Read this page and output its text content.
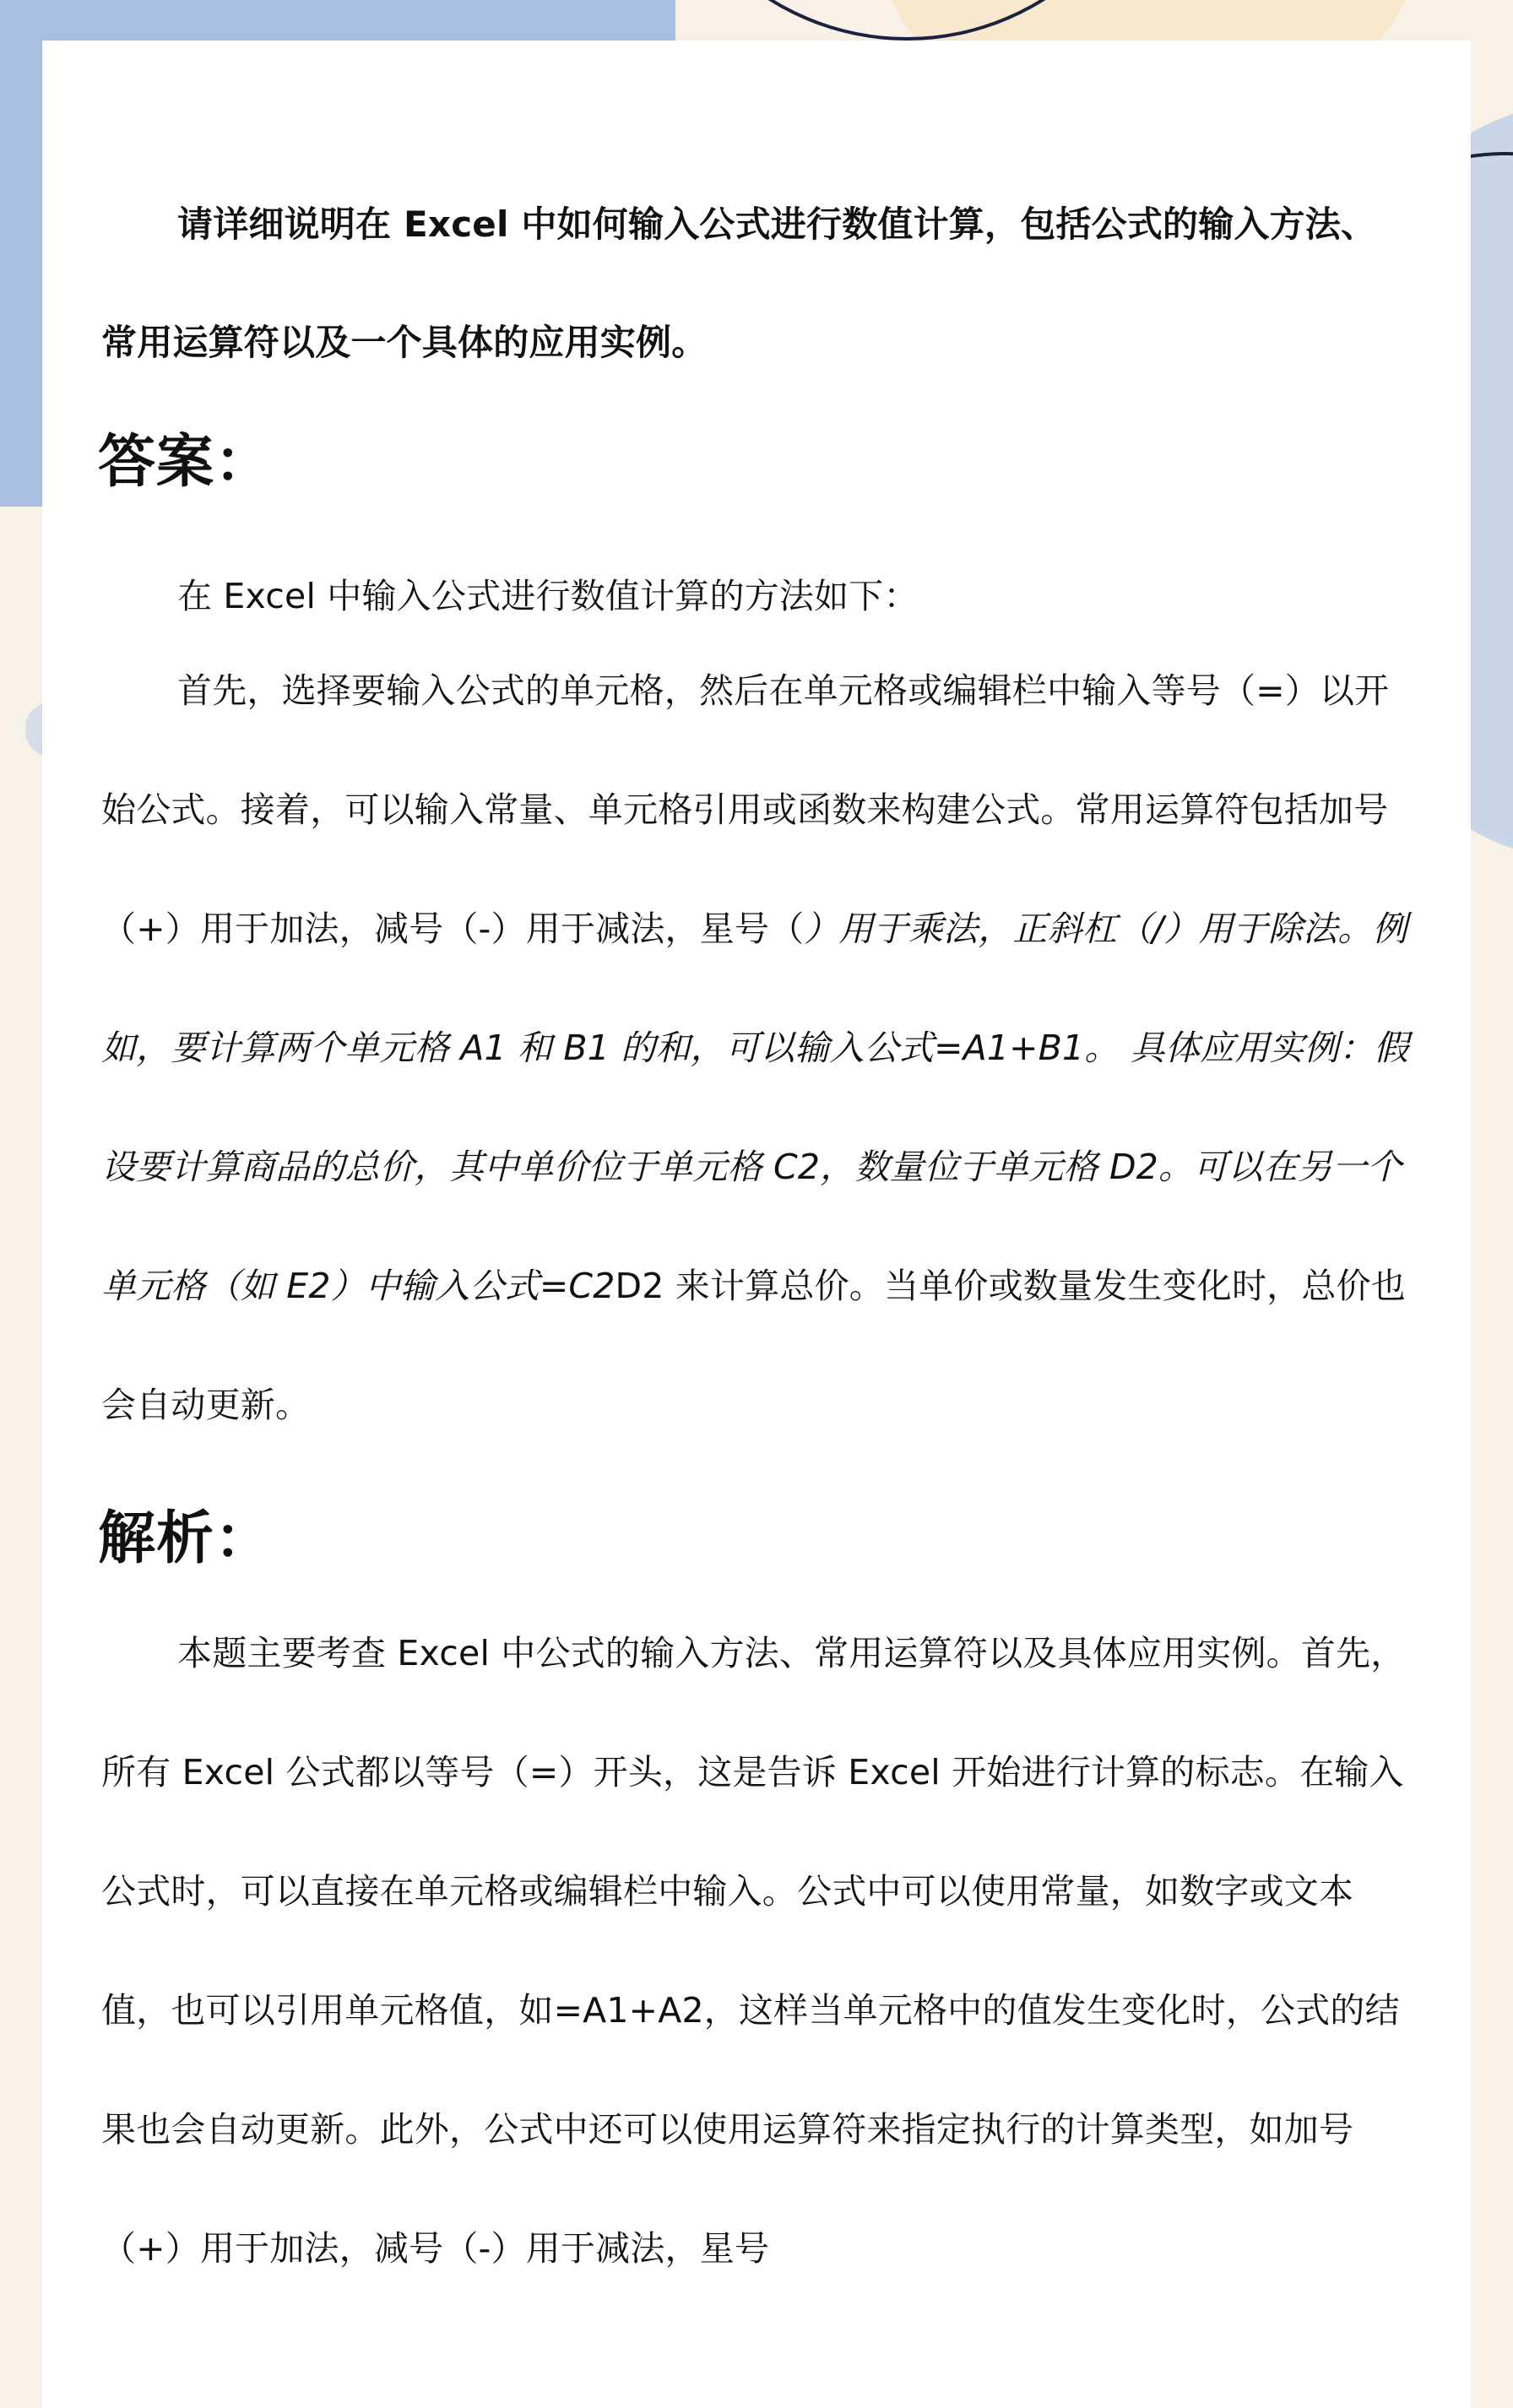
请详细说明在 Excel 中如何输入公式进行数值计算，包括公式的输入方法、常用运算符以及一个具体的应用实例。
答案：
在 Excel 中输入公式进行数值计算的方法如下：
首先，选择要输入公式的单元格，然后在单元格或编辑栏中输入等号（=）以开始公式。接着，可以输入常量、单元格引用或函数来构建公式。常用运算符包括加号（+）用于加法，减号（-）用于减法，星号（）用于乘法，正斜杠（/）用于除法。例如，要计算两个单元格 A1 和 B1 的和，可以输入公式=A1+B1。 具体应用实例：假设要计算商品的总价，其中单价位于单元格 C2，数量位于单元格 D2。可以在另一个单元格（如 E2）中输入公式=C2D2 来计算总价。当单价或数量发生变化时，总价也会自动更新。
解析：
本题主要考查 Excel 中公式的输入方法、常用运算符以及具体应用实例。首先，所有 Excel 公式都以等号（=）开头，这是告诉 Excel 开始进行计算的标志。在输入公式时，可以直接在单元格或编辑栏中输入。公式中可以使用常量，如数字或文本值，也可以引用单元格值，如=A1+A2，这样当单元格中的值发生变化时，公式的结果也会自动更新。此外，公式中还可以使用运算符来指定执行的计算类型，如加号（+）用于加法，减号（-）用于减法，星号
